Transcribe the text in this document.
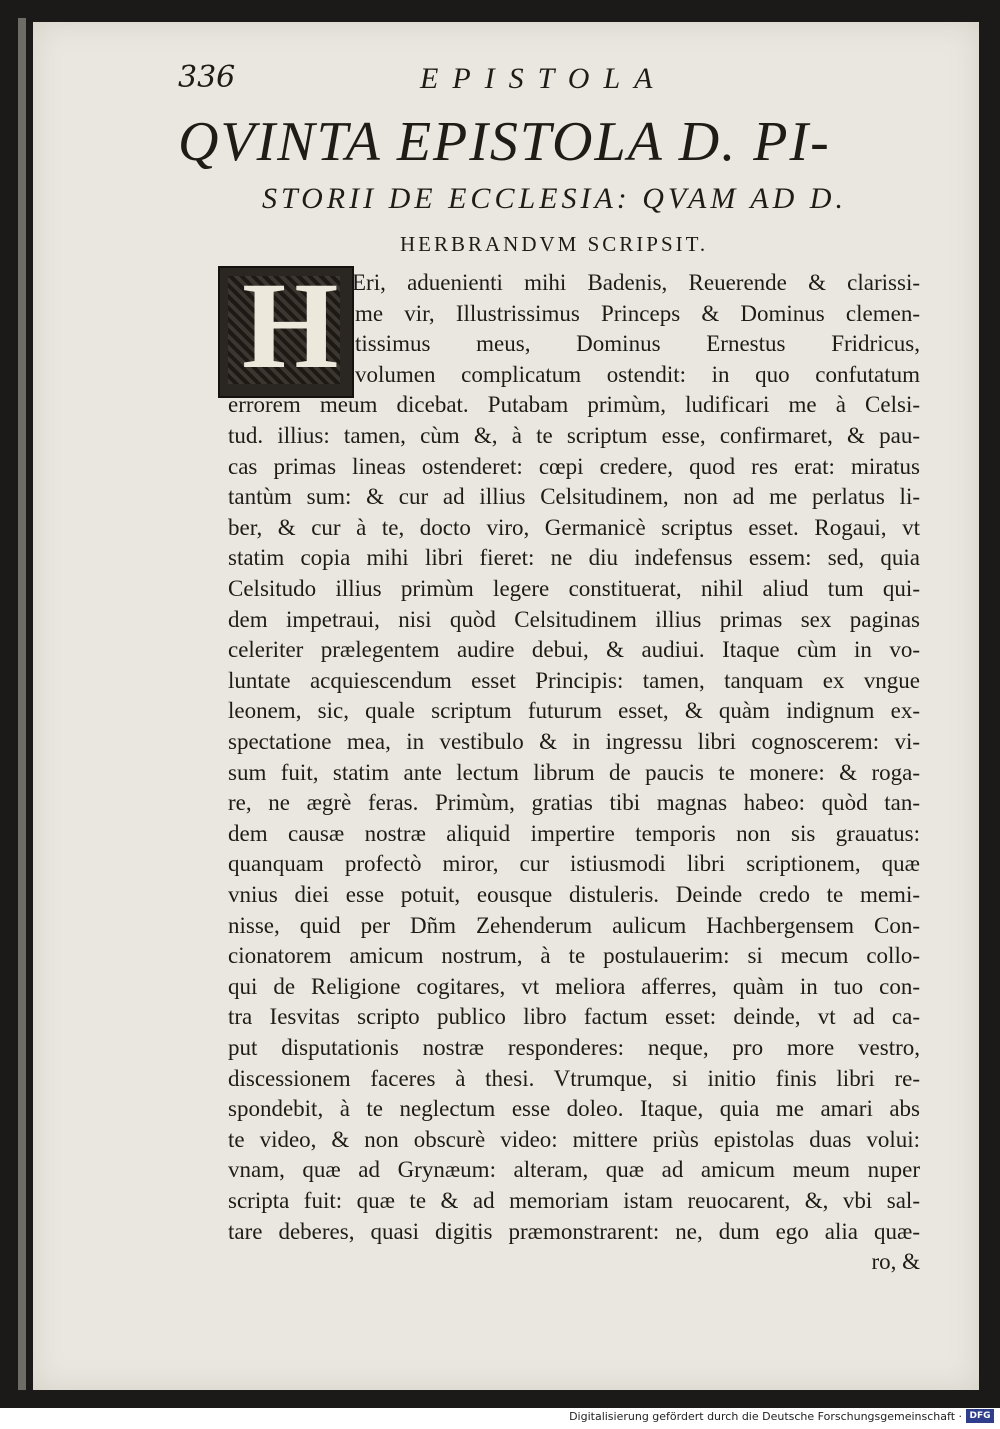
336	EPISTOLA
QVINTA EPISTOLA D. PI-
STORII DE ECCLESIA: QVAM AD D.
HERBRANDVM SCRIPSIT.
H Eri, aduenienti mihi Badenis, Reuerende & clarissi-
me vir, Illustrissimus Princeps & Dominus clemen-
tissimus meus, Dominus Ernestus Fridricus,
volumen complicatum ostendit: in quo confutatum
errorem meum dicebat. Putabam primùm, ludificari me à Celsi-
tud. illius: tamen, cùm &, à te scriptum esse, confirmaret, & pau-
cas primas lineas ostenderet: cœpi credere, quod res erat: miratus
tantùm sum: & cur ad illius Celsitudinem, non ad me perlatus li-
ber, & cur à te, docto viro, Germanicè scriptus esset. Rogaui, vt
statim copia mihi libri fieret: ne diu indefensus essem: sed, quia
Celsitudo illius primùm legere constituerat, nihil aliud tum qui-
dem impetraui, nisi quòd Celsitudinem illius primas sex paginas
celeriter prælegentem audire debui, & audiui. Itaque cùm in vo-
luntate acquiescendum esset Principis: tamen, tanquam ex vngue
leonem, sic, quale scriptum futurum esset, & quàm indignum ex-
spectatione mea, in vestibulo & in ingressu libri cognoscerem: vi-
sum fuit, statim ante lectum librum de paucis te monere: & roga-
re, ne ægrè feras. Primùm, gratias tibi magnas habeo: quòd tan-
dem causæ nostræ aliquid impertire temporis non sis grauatus:
quanquam profectò miror, cur istiusmodi libri scriptionem, quæ
vnius diei esse potuit, eousque distuleris. Deinde credo te memi-
nisse, quid per Dñm Zehenderum aulicum Hachbergensem Con-
cionatorem amicum nostrum, à te postulauerim: si mecum collo-
qui de Religione cogitares, vt meliora afferres, quàm in tuo con-
tra Iesvitas scripto publico libro factum esset: deinde, vt ad ca-
put disputationis nostræ responderes: neque, pro more vestro,
discessionem faceres à thesi. Vtrumque, si initio finis libri re-
spondebit, à te neglectum esse doleo. Itaque, quia me amari abs
te video, & non obscurè video: mittere priùs epistolas duas volui:
vnam, quæ ad Grynæum: alteram, quæ ad amicum meum nuper
scripta fuit: quæ te & ad memoriam istam reuocarent, &, vbi sal-
tare deberes, quasi digitis præmonstrarent: ne, dum ego alia quæ-
ro, &
Digitalisierung gefördert durch die Deutsche Forschungsgemeinschaft · DFG
